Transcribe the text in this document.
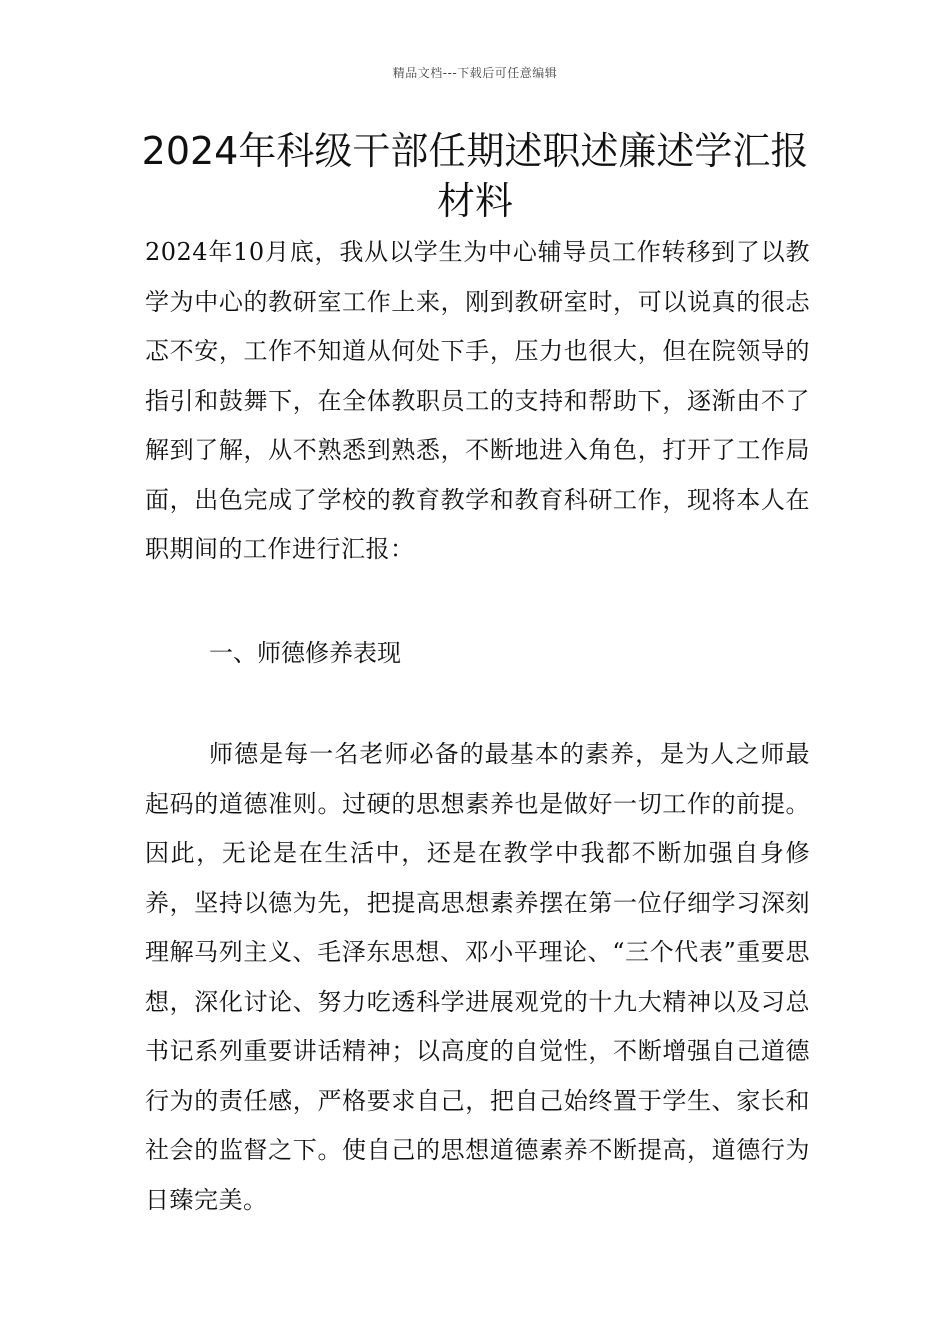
精品文档---下载后可任意编辑
2024年科级干部任期述职述廉述学汇报材料

2024年10月底，我从以学生为中心辅导员工作转移到了以教学为中心的教研室工作上来，刚到教研室时，可以说真的很忐忑不安，工作不知道从何处下手，压力也很大，但在院领导的指引和鼓舞下，在全体教职员工的支持和帮助下，逐渐由不了解到了解，从不熟悉到熟悉，不断地进入角色，打开了工作局面，出色完成了学校的教育教学和教育科研工作，现将本人在职期间的工作进行汇报：

一、师德修养表现

师德是每一名老师必备的最基本的素养，是为人之师最起码的道德准则。过硬的思想素养也是做好一切工作的前提。因此，无论是在生活中，还是在教学中我都不断加强自身修养，坚持以德为先，把提高思想素养摆在第一位仔细学习深刻理解马列主义、毛泽东思想、邓小平理论、“三个代表”重要思想，深化讨论、努力吃透科学进展观党的十九大精神以及习总书记系列重要讲话精神；以高度的自觉性，不断增强自己道德行为的责任感，严格要求自己，把自己始终置于学生、家长和社会的监督之下。使自己的思想道德素养不断提高，道德行为日臻完美。
